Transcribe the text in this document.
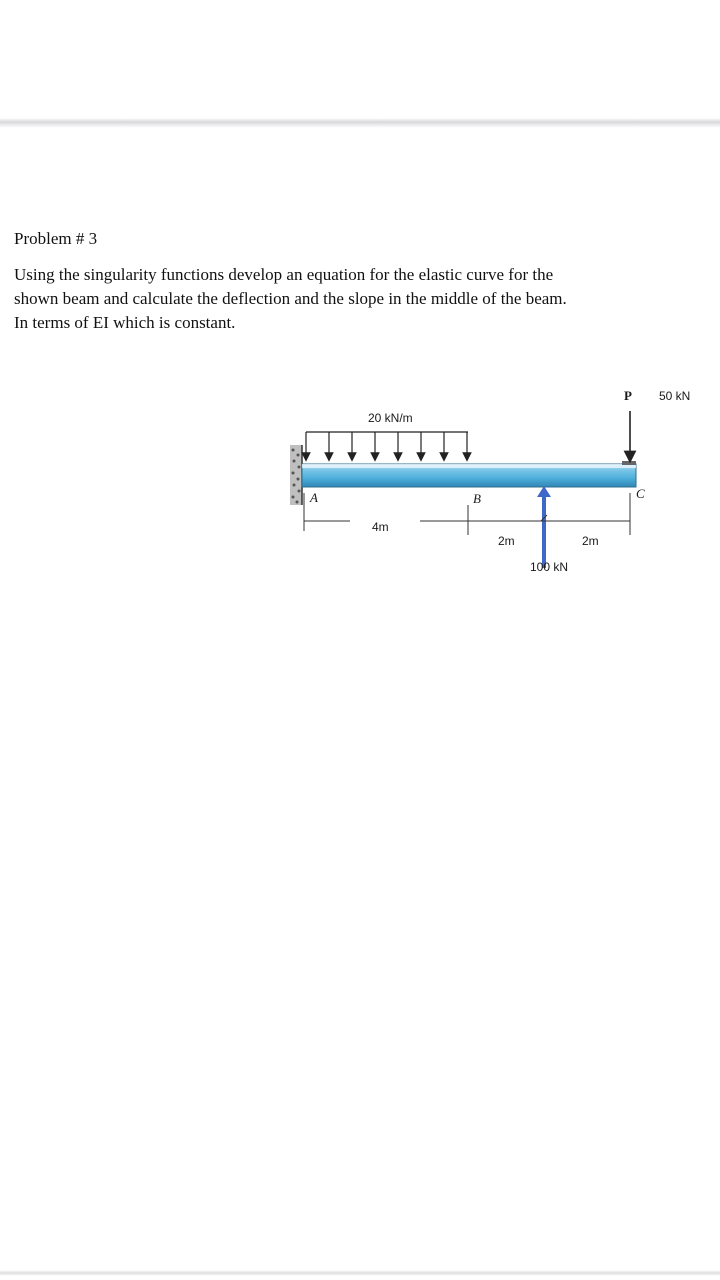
Problem # 3
Using the singularity functions develop an equation for the elastic curve for the
shown beam and calculate the deflection and the slope in the middle of the beam.
In terms of EI which is constant.
20 kN/m
P 50 kN
A	B	C
4m
2m	2m
100 kN
